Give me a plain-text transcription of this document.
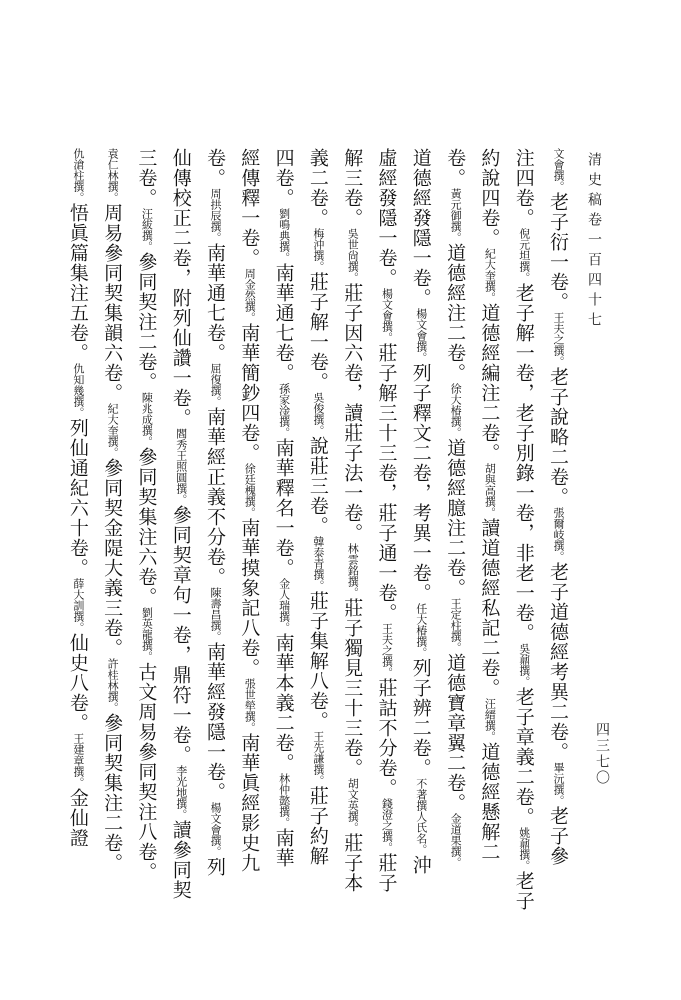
清史稿卷一百四十七
四三七〇
文會撰。老子衍一卷。王夫之撰。老子說略二卷。張爾岐撰。老子道德經考異二卷。畢沅撰。老子參
注四卷。倪元坦撰。老子解一卷，老子別錄一卷，非老一卷。吳鼐撰。老子章義二卷。姚鼐撰。老子
約說四卷。紀大奎撰。道德經編注二卷。胡與高撰。讀道德經私記二卷。汪縉撰。道德經懸解二
卷。黃元御撰。道德經注二卷。徐大椿撰。道德經臆注二卷。王定柱撰。道德寶章翼二卷。金道果撰。
道德經發隱一卷。楊文會撰。列子釋文二卷，考異一卷。任大椿撰。列子辨二卷。不著撰人氏名。沖
虛經發隱一卷。楊文會撰。莊子解三十三卷，莊子通一卷。王夫之撰。莊詁不分卷。錢澄之撰。莊子
解三卷。吳世尙撰。莊子因六卷，讀莊子法一卷。林雲銘撰。莊子獨見三十三卷。胡文英撰。莊子本
義二卷。梅沖撰。莊子解一卷。吳俊撰。說莊三卷。韓泰青撰。莊子集解八卷。王先謙撰。莊子約解
四卷。劉鳴典撰。南華通七卷。孫家淦撰。南華釋名一卷。金人瑞撰。南華本義二卷。林仲懿撰。南華
經傳釋一卷。周金然撰。南華簡鈔四卷。徐廷槐撰。南華摸象記八卷。張世犖撰。南華眞經影史九
卷。周拱辰撰。南華通七卷。屈復撰。南華經正義不分卷。陳壽昌撰。南華經發隱一卷。楊文會撰。列
仙傳校正二卷，附列仙讚一卷。閻秀王照圓撰。參同契章句一卷，鼎符一卷。李光地撰。讀參同契
三卷。汪紱撰。參同契注二卷。陳兆成撰。參同契集注六卷。劉英龍撰。古文周易參同契注八卷。
袁仁林撰。周易參同契集韻六卷。紀大奎撰。參同契金隄大義三卷。許桂林撰。參同契集注二卷。
仇滄柱撰。悟眞篇集注五卷。仇知幾撰。列仙通紀六十卷。薛大訓撰。仙史八卷。王建章撰。金仙證
